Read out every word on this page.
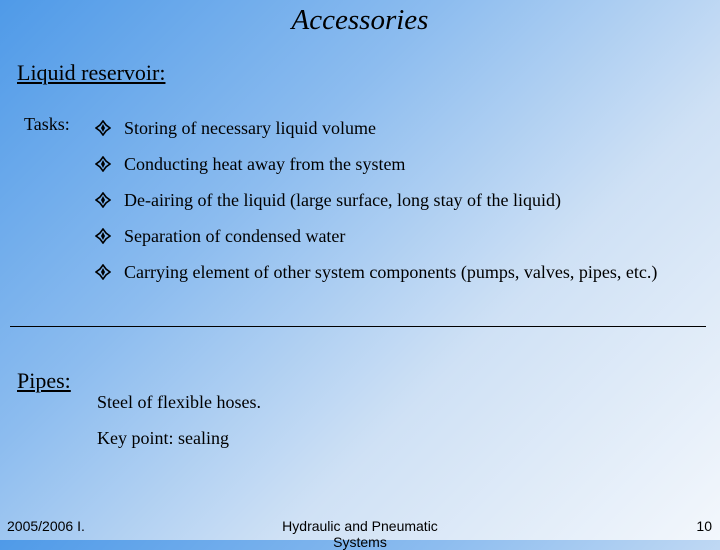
Accessories
Liquid reservoir:
Tasks:	Storing of necessary liquid volume
Conducting heat away from the system
De-airing of the liquid (large surface, long stay of the liquid)
Separation of condensed water
Carrying element of other system components (pumps, valves, pipes, etc.)
Pipes:
Steel of flexible hoses.
Key point: sealing
2005/2006 I.	Hydraulic and Pneumatic Systems
10
